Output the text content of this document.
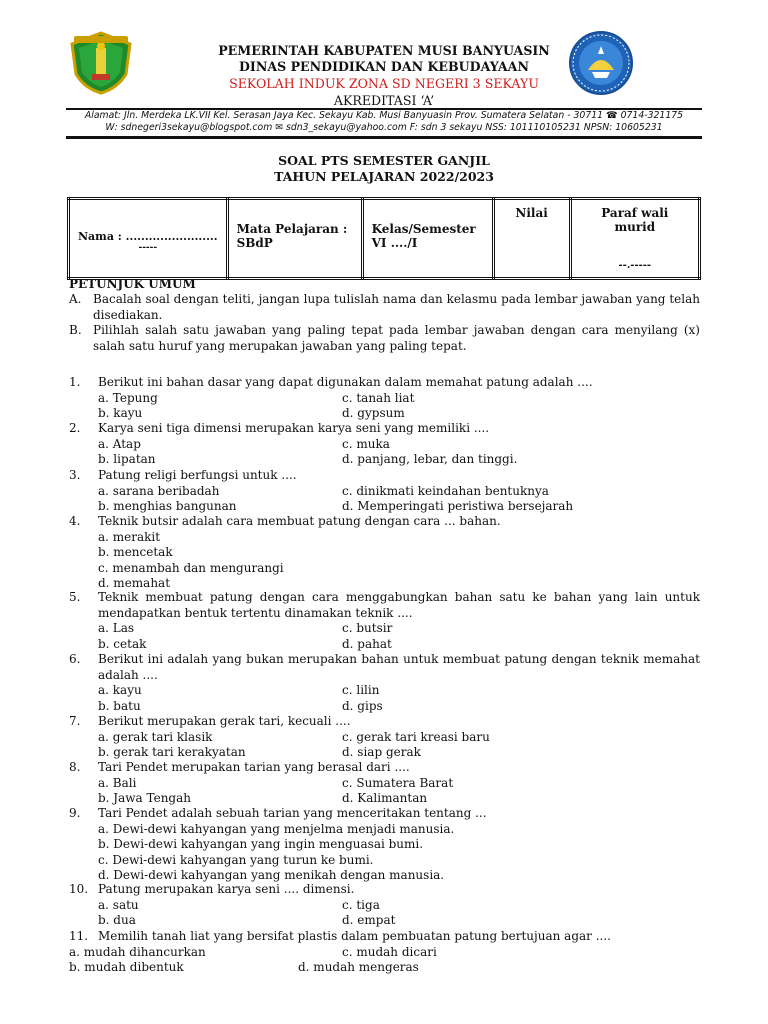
PEMERINTAH KABUPATEN MUSI BANYUASIN
DINAS PENDIDIKAN DAN KEBUDAYAAN
SEKOLAH INDUK ZONA SD NEGERI 3 SEKAYU
AKREDITASI ‘A’
Alamat: Jln. Merdeka LK.VII Kel. Serasan Jaya Kec. Sekayu Kab. Musi Banyuasin Prov. Sumatera Selatan - 30711 ☎ 0714-321175
W: sdnegeri3sekayu@blogspot.com ✉ sdn3_sekayu@yahoo.com F: sdn 3 sekayu NSS: 101110105231 NPSN: 10605231
SOAL PTS SEMESTER GANJIL
TAHUN PELAJARAN 2022/2023
Nama : ........................
-----

Mata Pelajaran :
SBdP

Kelas/Semester
VI ..../I

Nilai	Paraf wali murid
--.-----
PETUNJUK UMUM
A. Bacalah soal dengan teliti, jangan lupa tulislah nama dan kelasmu pada lembar jawaban yang telah disediakan.
B. Pilihlah salah satu jawaban yang paling tepat pada lembar jawaban dengan cara menyilang (x) salah satu huruf yang merupakan jawaban yang paling tepat.
1. Berikut ini bahan dasar yang dapat digunakan dalam memahat patung adalah ....
a. Tepung	c. tanah liat
b. kayu	d. gypsum
2. Karya seni tiga dimensi merupakan karya seni yang memiliki ....
a. Atap	c. muka
b. lipatan	d. panjang, lebar, dan tinggi.
3. Patung religi berfungsi untuk ....
a. sarana beribadah	c. dinikmati keindahan bentuknya
b. menghias bangunan	d. Memperingati peristiwa bersejarah
4. Teknik butsir adalah cara membuat patung dengan cara ... bahan.
a. merakit
b. mencetak
c. menambah dan mengurangi
d. memahat
5. Teknik membuat patung dengan cara menggabungkan bahan satu ke bahan yang lain untuk mendapatkan bentuk tertentu dinamakan teknik ....
a. Las	c. butsir
b. cetak	d. pahat
6. Berikut ini adalah yang bukan merupakan bahan untuk membuat patung dengan teknik memahat adalah ....
a. kayu	c. lilin
b. batu	d. gips
7. Berikut merupakan gerak tari, kecuali ....
a. gerak tari klasik	c. gerak tari kreasi baru
b. gerak tari kerakyatan	d. siap gerak
8. Tari Pendet merupakan tarian yang berasal dari ....
a. Bali	c. Sumatera Barat
b. Jawa Tengah	d. Kalimantan
9. Tari Pendet adalah sebuah tarian yang menceritakan tentang ...
a. Dewi-dewi kahyangan yang menjelma menjadi manusia.
b. Dewi-dewi kahyangan yang ingin menguasai bumi.
c. Dewi-dewi kahyangan yang turun ke bumi.
d. Dewi-dewi kahyangan yang menikah dengan manusia.
10. Patung merupakan karya seni .... dimensi.
a. satu	c. tiga
b. dua	d. empat
11. Memilih tanah liat yang bersifat plastis dalam pembuatan patung bertujuan agar ....
a. mudah dihancurkan	c. mudah dicari
b. mudah dibentuk	d. mudah mengeras
